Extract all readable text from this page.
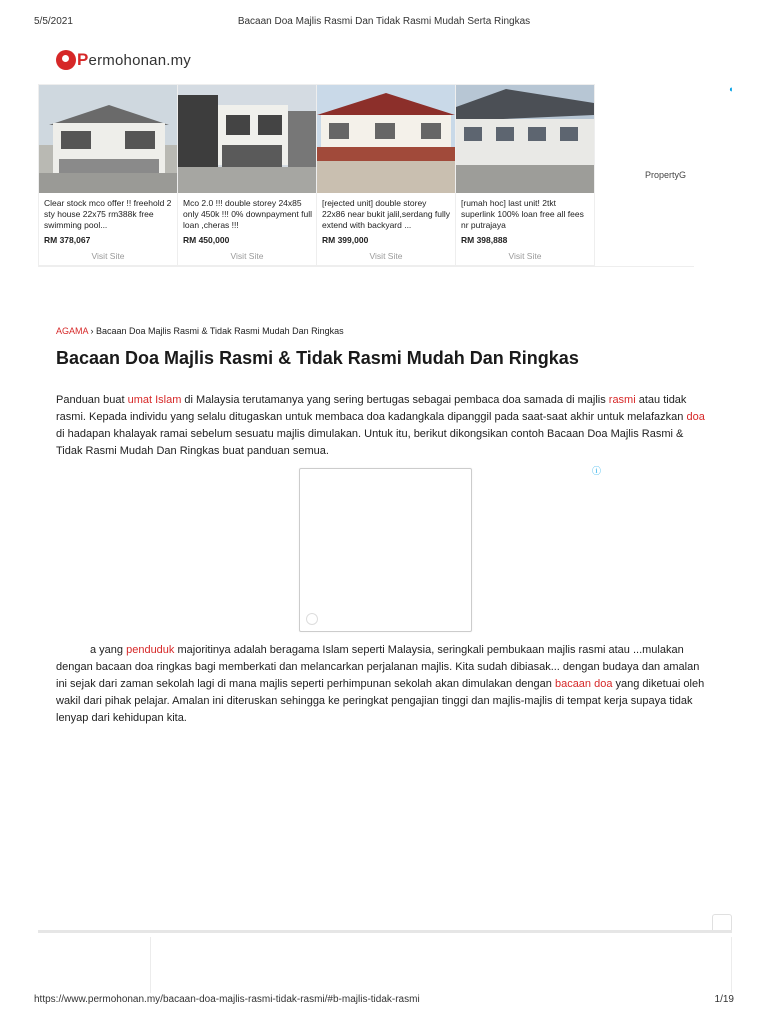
5/5/2021	Bacaan Doa Majlis Rasmi Dan Tidak Rasmi Mudah Serta Ringkas
Permohonan.my
Clear stock mco offer !! freehold 2 sty house 22x75 rm388k free swimming pool...
RM 378,067
Visit Site
Mco 2.0 !!! double storey 24x85 only 450k !!! 0% downpayment full loan ,cheras !!!
RM 450,000
Visit Site
[rejected unit] double storey 22x86 near bukit jalil,serdang fully extend with backyard ...
RM 399,000
Visit Site
[rumah hoc] last unit! 2tkt superlink 100% loan free all fees nr putrajaya
RM 398,888
Visit Site
PropertyG
◖
AGAMA › Bacaan Doa Majlis Rasmi & Tidak Rasmi Mudah Dan Ringkas
Bacaan Doa Majlis Rasmi & Tidak Rasmi Mudah Dan Ringkas

Panduan buat umat Islam di Malaysia terutamanya yang sering bertugas sebagai pembaca doa samada di majlis rasmi atau tidak rasmi. Kepada individu yang selalu ditugaskan untuk membaca doa kadangkala dipanggil pada saat-saat akhir untuk melafazkan doa di hadapan khalayak ramai sebelum sesuatu majlis dimulakan. Untuk itu, berikut dikongsikan contoh Bacaan Doa Majlis Rasmi & Tidak Rasmi Mudah Dan Ringkas buat panduan semua.

ⓘ

a yang penduduk majoritinya adalah beragama Islam seperti Malaysia, seringkali pembukaan majlis rasmi atau ...mulakan dengan bacaan doa ringkas bagi memberkati dan melancarkan perjalanan majlis. Kita sudah dibiasak... dengan budaya dan amalan ini sejak dari zaman sekolah lagi di mana majlis seperti perhimpunan sekolah akan dimulakan dengan bacaan doa yang diketuai oleh wakil dari pihak pelajar. Amalan ini diteruskan sehingga ke peringkat pengajian tinggi dan majlis-majlis di tempat kerja supaya tidak lenyap dari kehidupan kita.

https://www.permohonan.my/bacaan-doa-majlis-rasmi-tidak-rasmi/#b-majlis-tidak-rasmi	1/19
